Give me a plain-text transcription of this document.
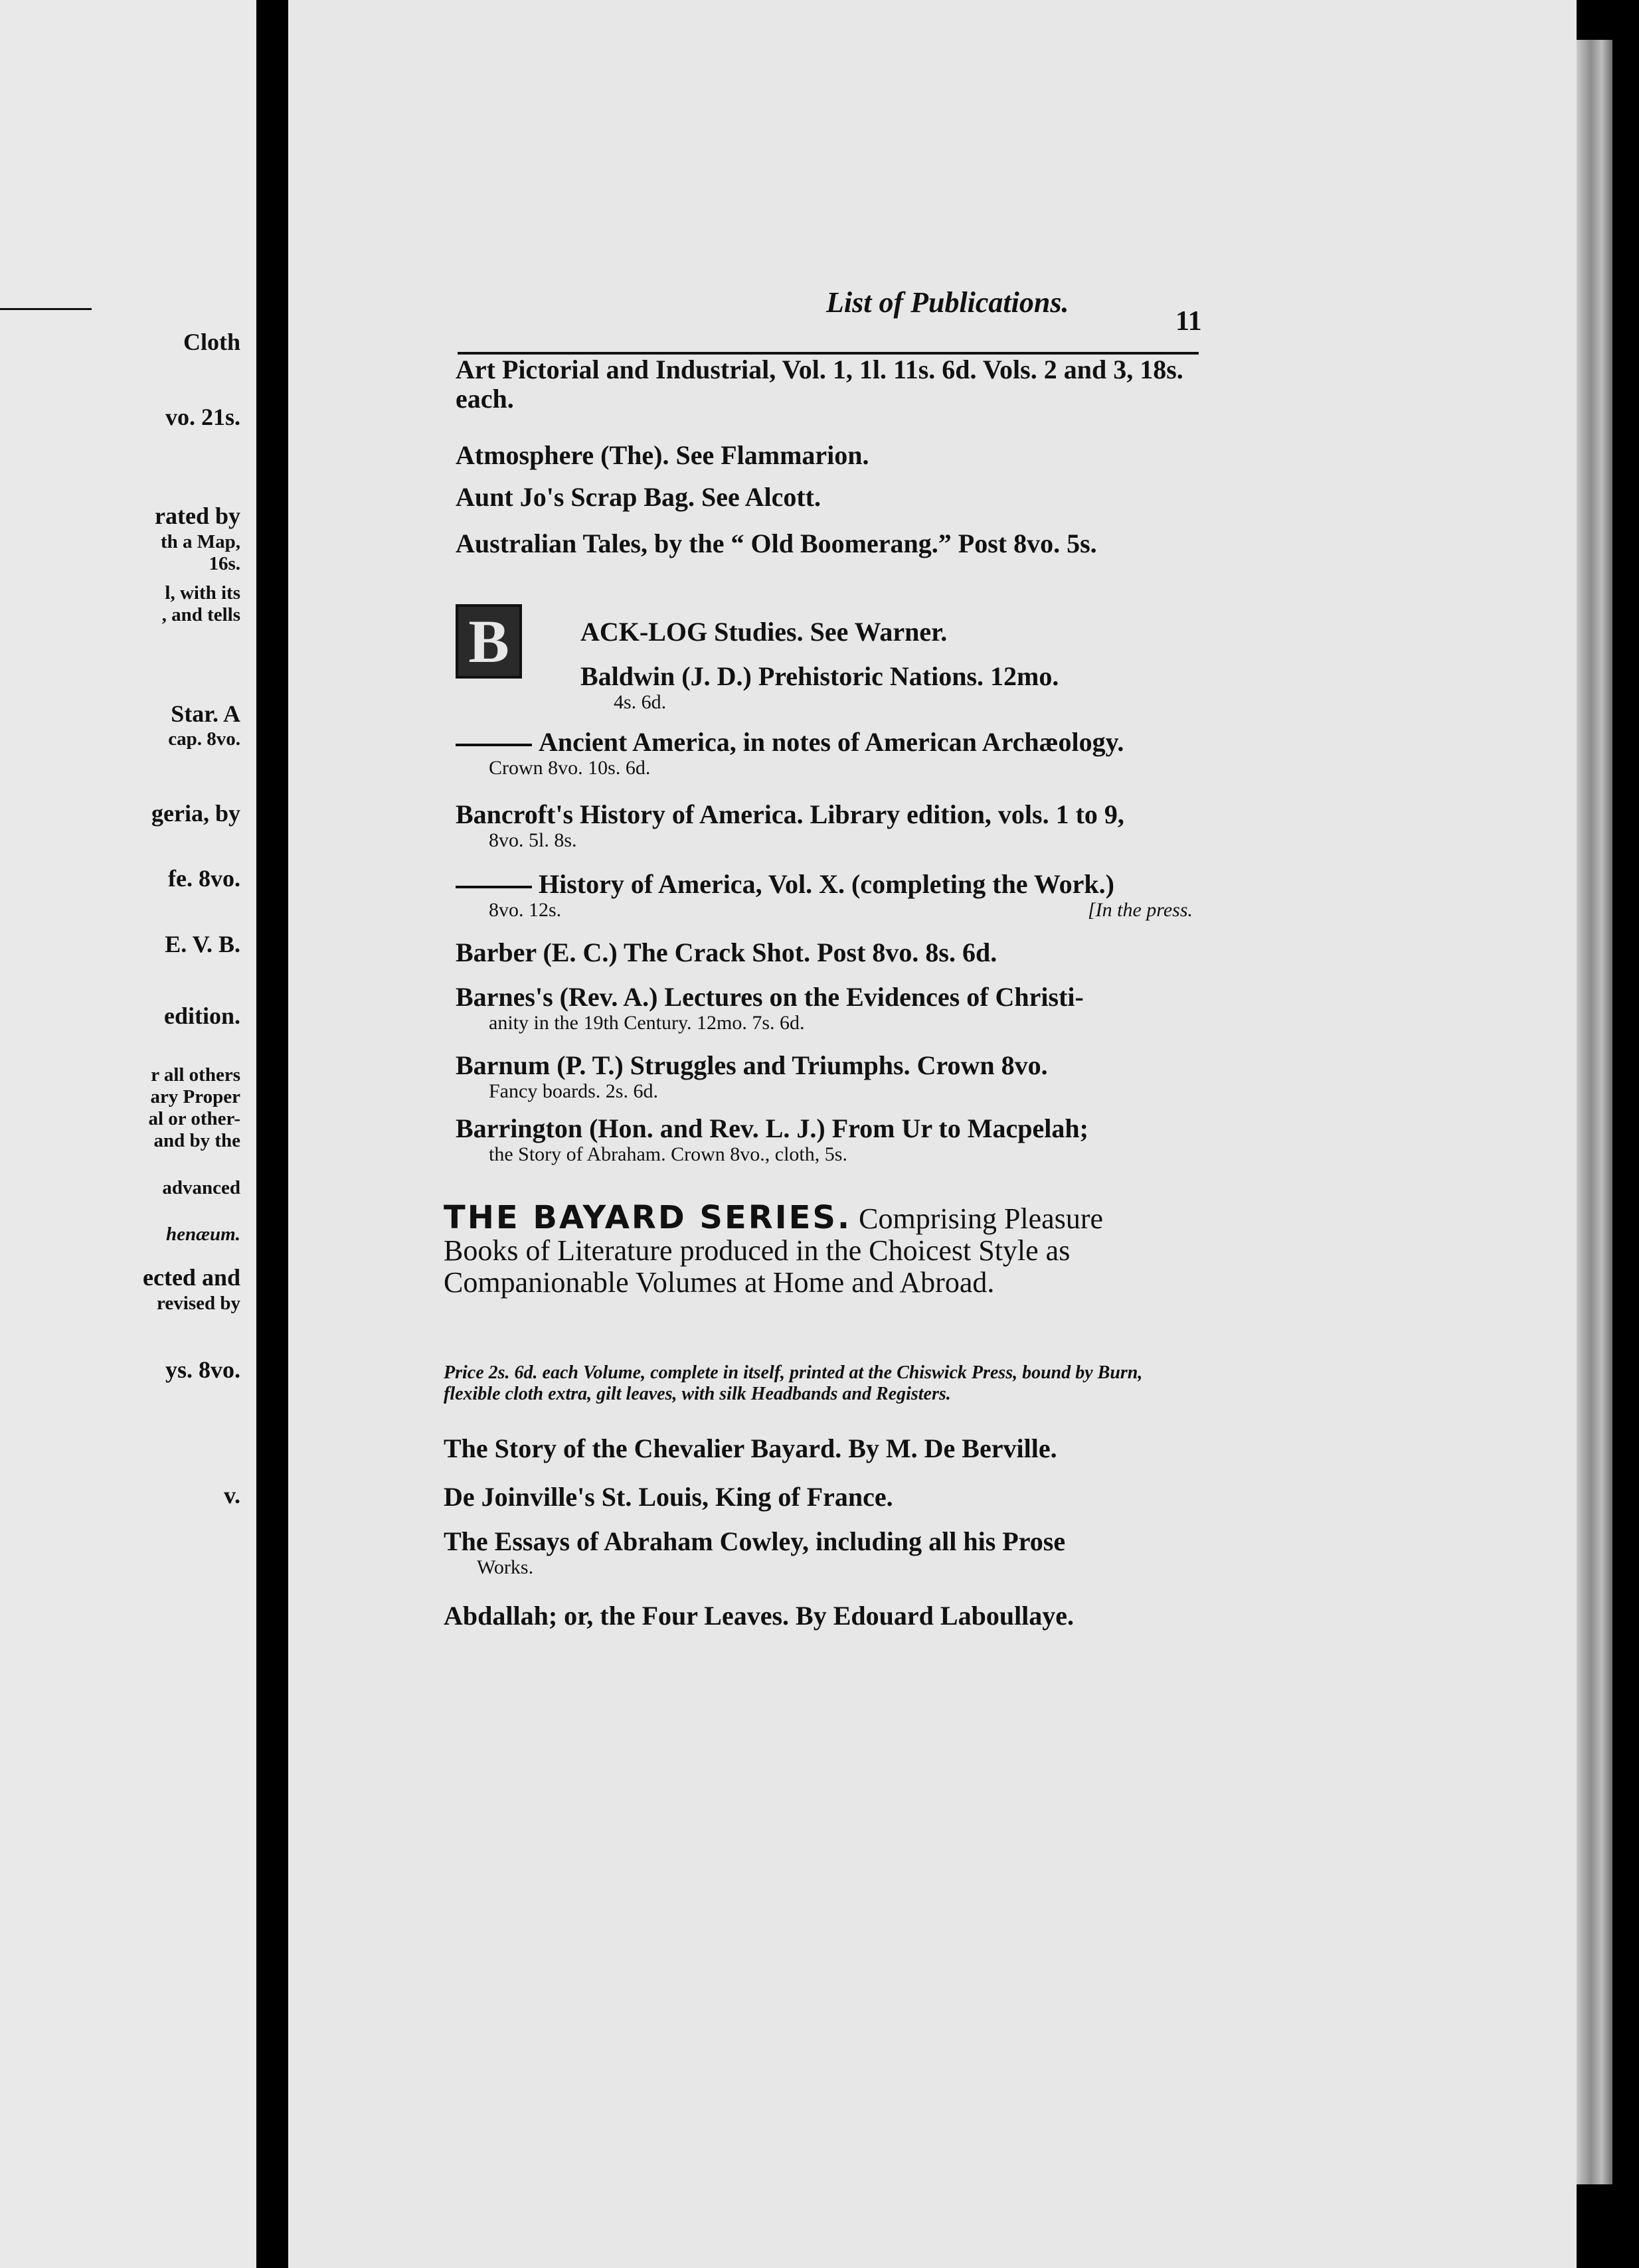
Cloth
vo. 21s.
rated by
th a Map,
16s.
l, with its
, and tells
Star. A
cap. 8vo.
geria, by
fe. 8vo.
E. V. B.
edition.
r all others
ary Proper
al or other-
and by the
advanced
henæum.
ected and
revised by
ys. 8vo.
v.
List of Publications.
11
Art Pictorial and Industrial, Vol. 1, 1l. 11s. 6d. Vols. 2 and 3, 18s. each.
Atmosphere (The). See Flammarion.
Aunt Jo's Scrap Bag. See Alcott.
Australian Tales, by the “ Old Boomerang.” Post 8vo. 5s.
B	ACK-LOG Studies. See Warner.
Baldwin (J. D.) Prehistoric Nations. 12mo.
4s. 6d.
Ancient America, in notes of American Archæology.
Crown 8vo. 10s. 6d.
Bancroft's History of America. Library edition, vols. 1 to 9,
8vo. 5l. 8s.
History of America, Vol. X. (completing the Work.)
[In the press.
8vo. 12s.
Barber (E. C.) The Crack Shot. Post 8vo. 8s. 6d.
Barnes's (Rev. A.) Lectures on the Evidences of Christi-
anity in the 19th Century. 12mo. 7s. 6d.
Barnum (P. T.) Struggles and Triumphs. Crown 8vo.
Fancy boards. 2s. 6d.
Barrington (Hon. and Rev. L. J.) From Ur to Macpelah;
the Story of Abraham. Crown 8vo., cloth, 5s.
THE BAYARD SERIES. Comprising Pleasure Books of Literature produced in the Choicest Style as Companionable Volumes at Home and Abroad.
Price 2s. 6d. each Volume, complete in itself, printed at the Chiswick Press, bound by Burn, flexible cloth extra, gilt leaves, with silk Headbands and Registers.
The Story of the Chevalier Bayard. By M. De Berville.
De Joinville's St. Louis, King of France.
The Essays of Abraham Cowley, including all his Prose
Works.
Abdallah; or, the Four Leaves. By Edouard Laboullaye.
